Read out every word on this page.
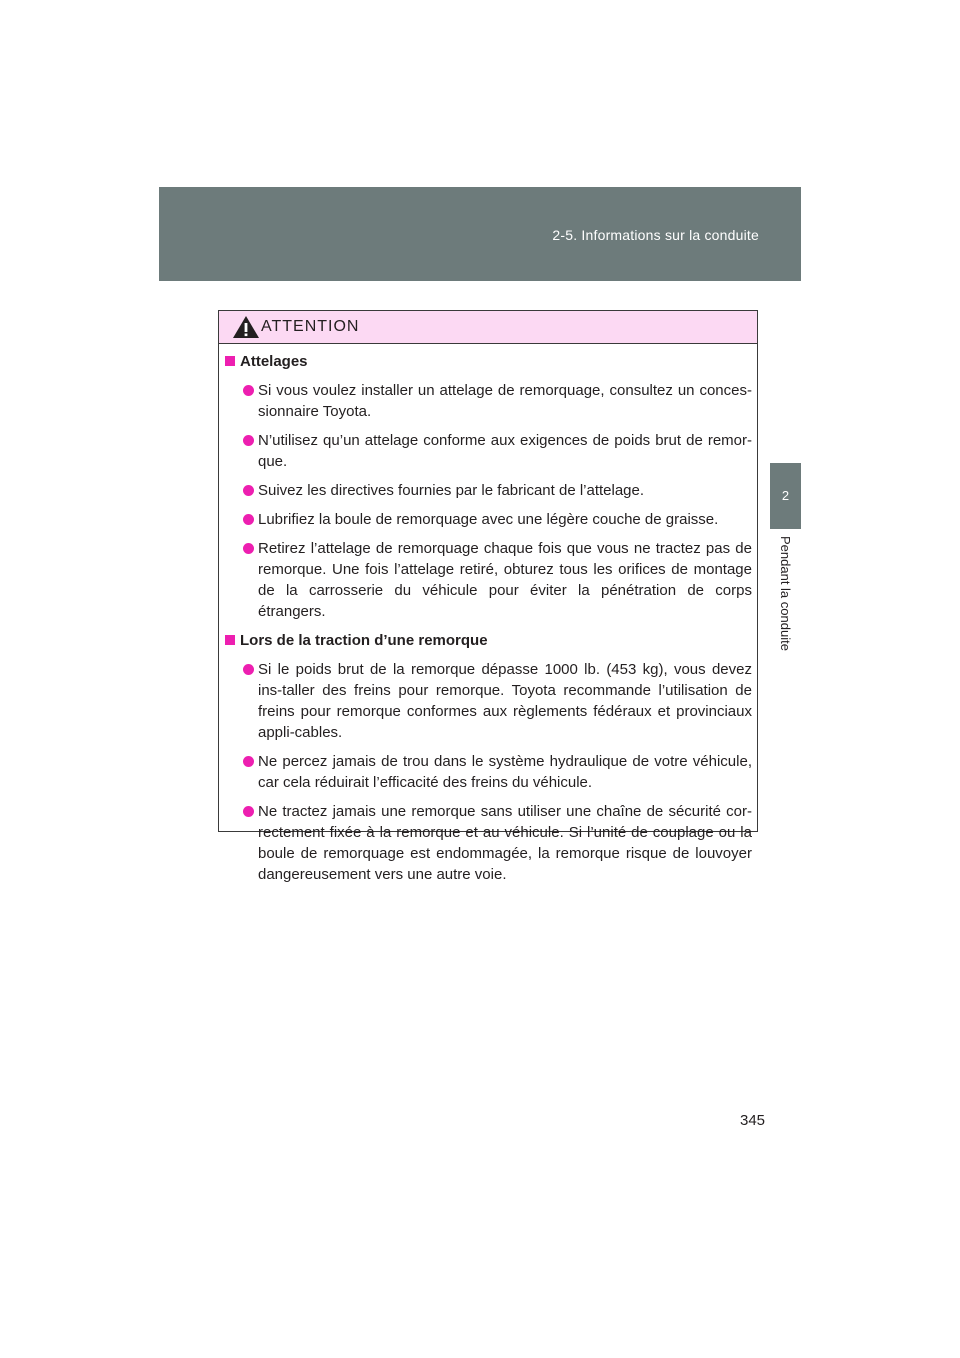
2-5. Informations sur la conduite
2
Pendant la conduite
ATTENTION
Attelages
Si vous voulez installer un attelage de remorquage, consultez un conces-sionnaire Toyota.
N’utilisez qu’un attelage conforme aux exigences de poids brut de remor-que.
Suivez les directives fournies par le fabricant de l’attelage.
Lubrifiez la boule de remorquage avec une légère couche de graisse.
Retirez l’attelage de remorquage chaque fois que vous ne tractez pas de remorque. Une fois l’attelage retiré, obturez tous les orifices de montage de la carrosserie du véhicule pour éviter la pénétration de corps étrangers.
Lors de la traction d’une remorque
Si le poids brut de la remorque dépasse 1000 lb. (453 kg), vous devez ins-taller des freins pour remorque. Toyota recommande l’utilisation de freins pour remorque conformes aux règlements fédéraux et provinciaux appli-cables.
Ne percez jamais de trou dans le système hydraulique de votre véhicule, car cela réduirait l’efficacité des freins du véhicule.
Ne tractez jamais une remorque sans utiliser une chaîne de sécurité cor-rectement fixée à la remorque et au véhicule. Si l’unité de couplage ou la boule de remorquage est endommagée, la remorque risque de louvoyer dangereusement vers une autre voie.
345
